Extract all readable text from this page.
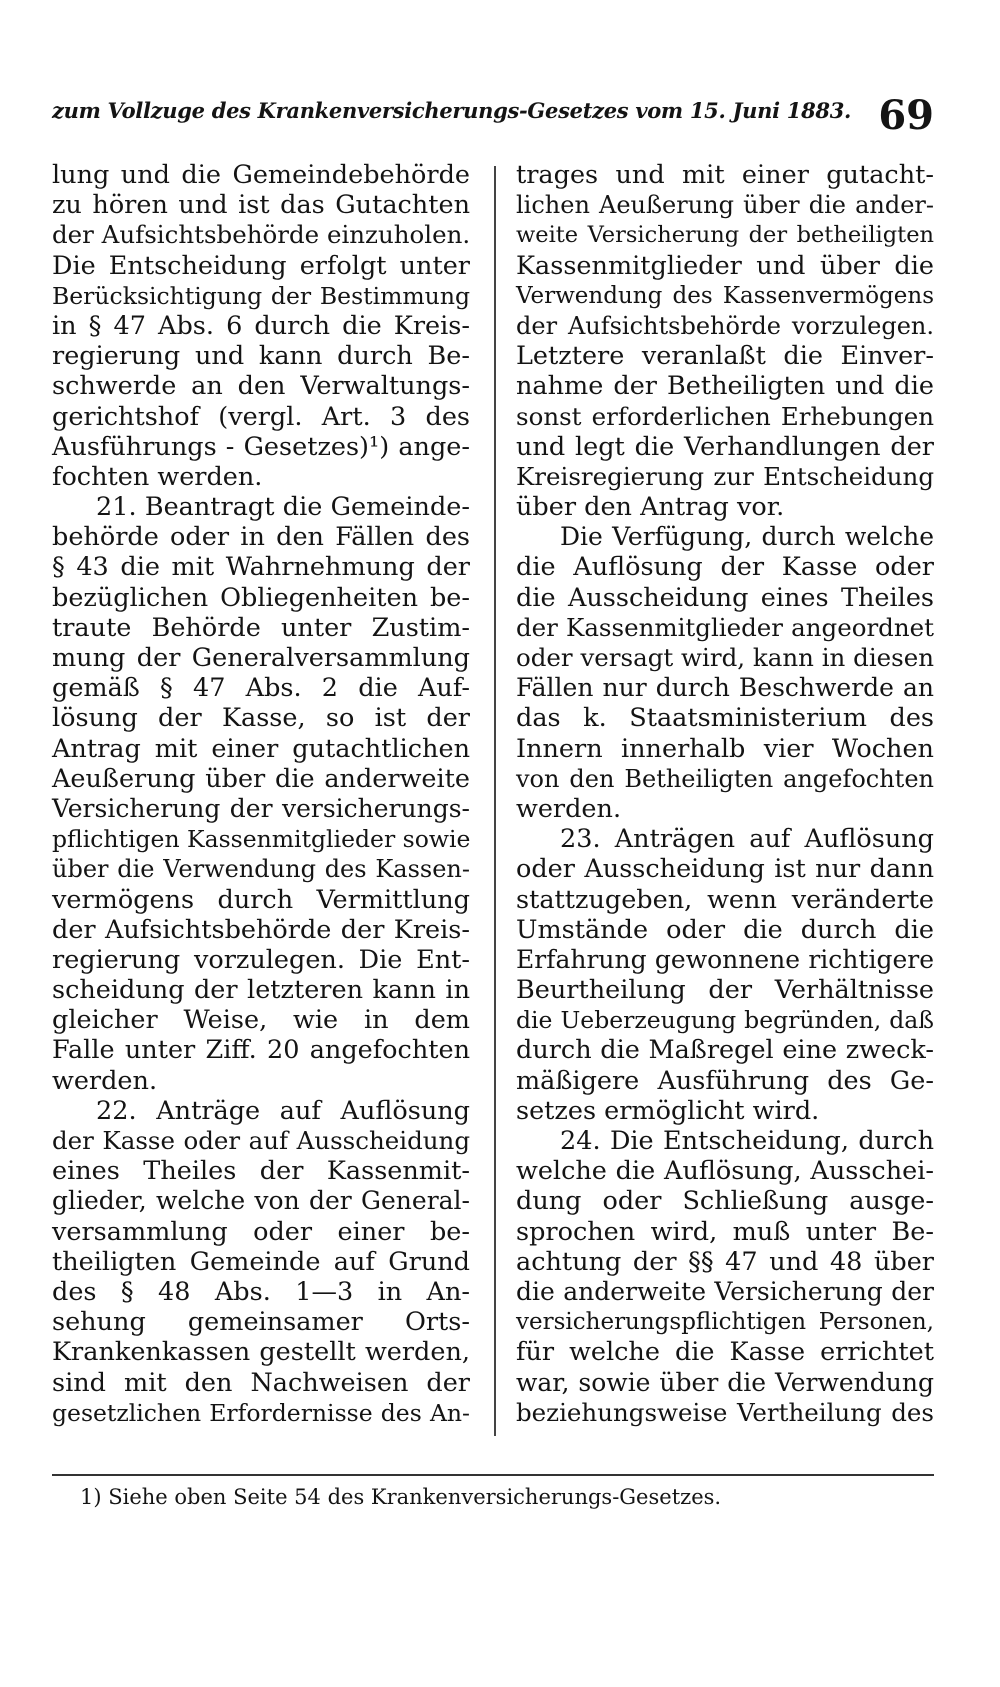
zum Vollzuge des Krankenversicherungs-Gesetzes vom 15. Juni 1883. 69
lung und die Gemeindebehörde
zu hören und ist das Gutachten
der Aufsichtsbehörde einzuholen.
Die Entscheidung erfolgt unter
Berücksichtigung der Bestimmung
in § 47 Abs. 6 durch die Kreis-
regierung und kann durch Be-
schwerde an den Verwaltungs-
gerichtshof (vergl. Art. 3 des
Ausführungs - Gesetzes)¹) ange-
fochten werden.
21. Beantragt die Gemeinde-
behörde oder in den Fällen des
§ 43 die mit Wahrnehmung der
bezüglichen Obliegenheiten be-
traute Behörde unter Zustim-
mung der Generalversammlung
gemäß § 47 Abs. 2 die Auf-
lösung der Kasse, so ist der
Antrag mit einer gutachtlichen
Aeußerung über die anderweite
Versicherung der versicherungs-
pflichtigen Kassenmitglieder sowie
über die Verwendung des Kassen-
vermögens durch Vermittlung
der Aufsichtsbehörde der Kreis-
regierung vorzulegen. Die Ent-
scheidung der letzteren kann in
gleicher Weise, wie in dem
Falle unter Ziff. 20 angefochten
werden.
22. Anträge auf Auflösung
der Kasse oder auf Ausscheidung
eines Theiles der Kassenmit-
glieder, welche von der General-
versammlung oder einer be-
theiligten Gemeinde auf Grund
des § 48 Abs. 1—3 in An-
sehung gemeinsamer Orts-
Krankenkassen gestellt werden,
sind mit den Nachweisen der
gesetzlichen Erfordernisse des An-
trages und mit einer gutacht-
lichen Aeußerung über die ander-
weite Versicherung der betheiligten
Kassenmitglieder und über die
Verwendung des Kassenvermögens
der Aufsichtsbehörde vorzulegen.
Letztere veranlaßt die Einver-
nahme der Betheiligten und die
sonst erforderlichen Erhebungen
und legt die Verhandlungen der
Kreisregierung zur Entscheidung
über den Antrag vor.
Die Verfügung, durch welche
die Auflösung der Kasse oder
die Ausscheidung eines Theiles
der Kassenmitglieder angeordnet
oder versagt wird, kann in diesen
Fällen nur durch Beschwerde an
das k. Staatsministerium des
Innern innerhalb vier Wochen
von den Betheiligten angefochten
werden.
23. Anträgen auf Auflösung
oder Ausscheidung ist nur dann
stattzugeben, wenn veränderte
Umstände oder die durch die
Erfahrung gewonnene richtigere
Beurtheilung der Verhältnisse
die Ueberzeugung begründen, daß
durch die Maßregel eine zweck-
mäßigere Ausführung des Ge-
setzes ermöglicht wird.
24. Die Entscheidung, durch
welche die Auflösung, Ausschei-
dung oder Schließung ausge-
sprochen wird, muß unter Be-
achtung der §§ 47 und 48 über
die anderweite Versicherung der
versicherungspflichtigen Personen,
für welche die Kasse errichtet
war, sowie über die Verwendung
beziehungsweise Vertheilung des
1) Siehe oben Seite 54 des Krankenversicherungs-Gesetzes.
